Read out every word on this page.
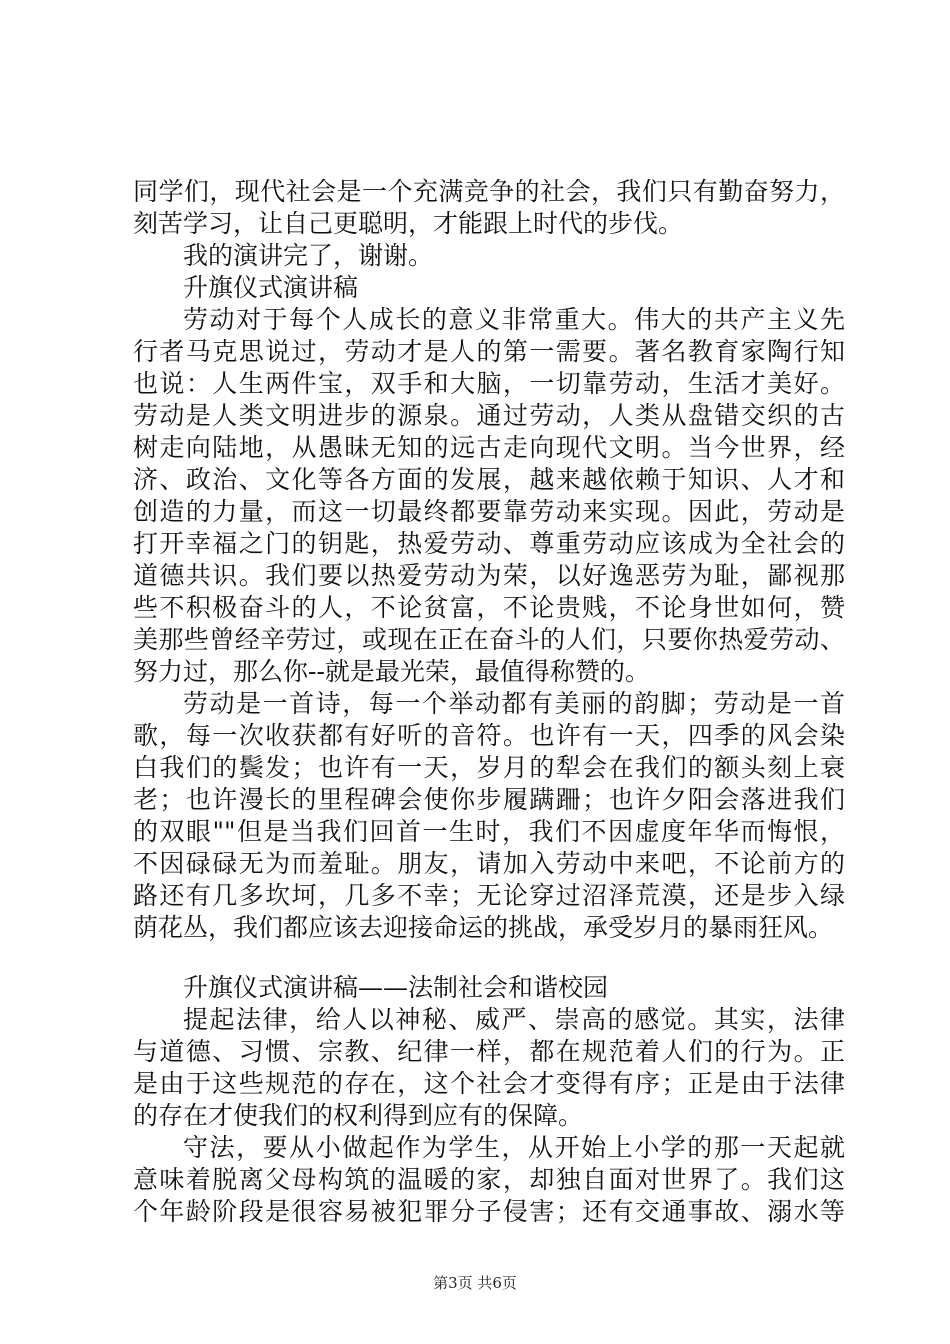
同学们，现代社会是一个充满竞争的社会，我们只有勤奋努力，
刻苦学习，让自己更聪明，才能跟上时代的步伐。
我的演讲完了，谢谢。
升旗仪式演讲稿
劳动对于每个人成长的意义非常重大。伟大的共产主义先
行者马克思说过，劳动才是人的第一需要。著名教育家陶行知
也说：人生两件宝，双手和大脑，一切靠劳动，生活才美好。
劳动是人类文明进步的源泉。通过劳动，人类从盘错交织的古
树走向陆地，从愚昧无知的远古走向现代文明。当今世界，经
济、政治、文化等各方面的发展，越来越依赖于知识、人才和
创造的力量，而这一切最终都要靠劳动来实现。因此，劳动是
打开幸福之门的钥匙，热爱劳动、尊重劳动应该成为全社会的
道德共识。我们要以热爱劳动为荣，以好逸恶劳为耻，鄙视那
些不积极奋斗的人，不论贫富，不论贵贱，不论身世如何，赞
美那些曾经辛劳过，或现在正在奋斗的人们，只要你热爱劳动、
努力过，那么你--就是最光荣，最值得称赞的。
劳动是一首诗，每一个举动都有美丽的韵脚；劳动是一首
歌，每一次收获都有好听的音符。也许有一天，四季的风会染
白我们的鬓发；也许有一天，岁月的犁会在我们的额头刻上衰
老；也许漫长的里程碑会使你步履蹒跚；也许夕阳会落进我们
的双眼""但是当我们回首一生时，我们不因虚度年华而悔恨，
不因碌碌无为而羞耻。朋友，请加入劳动中来吧，不论前方的
路还有几多坎坷，几多不幸；无论穿过沼泽荒漠，还是步入绿
荫花丛，我们都应该去迎接命运的挑战，承受岁月的暴雨狂风。
升旗仪式演讲稿——法制社会和谐校园
提起法律，给人以神秘、威严、崇高的感觉。其实，法律
与道德、习惯、宗教、纪律一样，都在规范着人们的行为。正
是由于这些规范的存在，这个社会才变得有序；正是由于法律
的存在才使我们的权利得到应有的保障。
守法，要从小做起作为学生，从开始上小学的那一天起就
意味着脱离父母构筑的温暖的家，却独自面对世界了。我们这
个年龄阶段是很容易被犯罪分子侵害；还有交通事故、溺水等
第3页 共6页
